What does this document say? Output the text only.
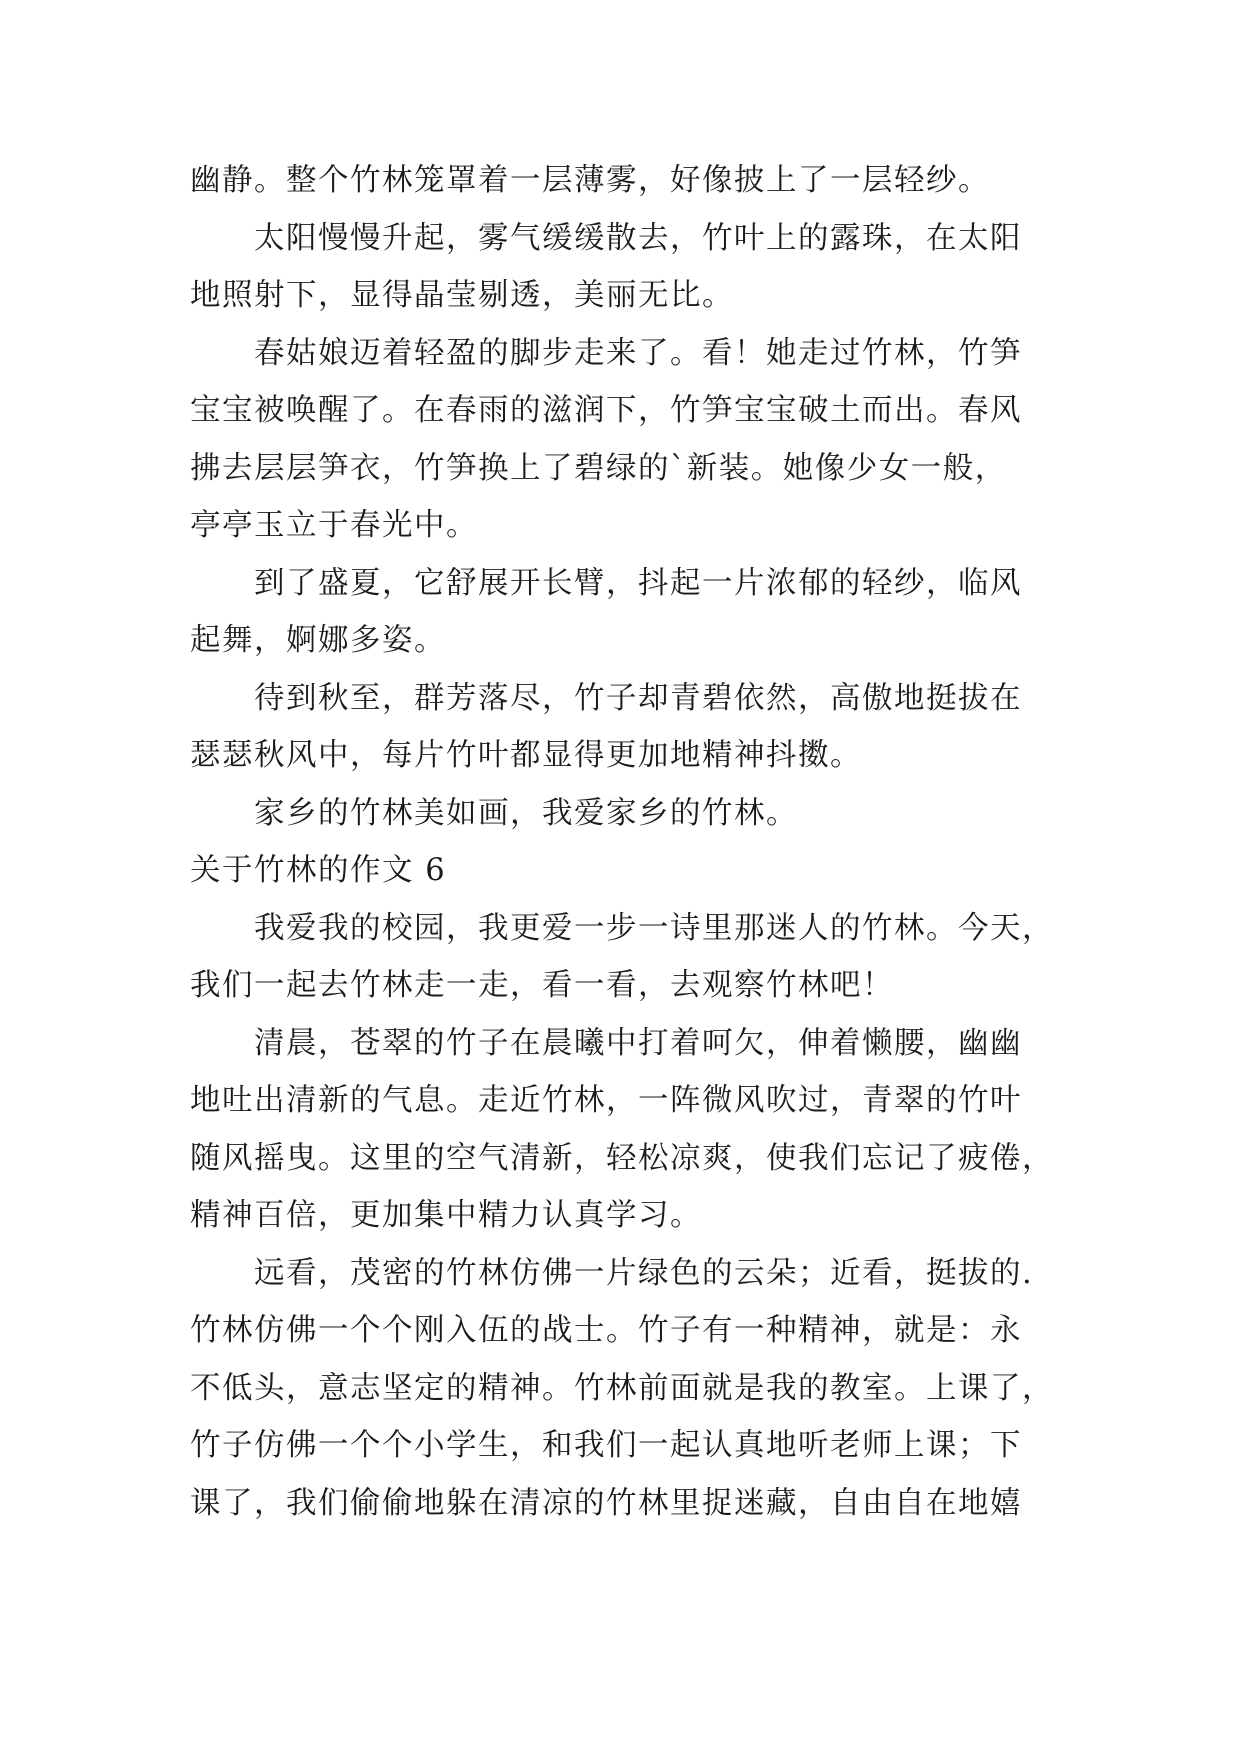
幽静。整个竹林笼罩着一层薄雾，好像披上了一层轻纱。
太阳慢慢升起，雾气缓缓散去，竹叶上的露珠，在太阳
地照射下，显得晶莹剔透，美丽无比。
春姑娘迈着轻盈的脚步走来了。看！她走过竹林，竹笋
宝宝被唤醒了。在春雨的滋润下，竹笋宝宝破土而出。春风
拂去层层笋衣，竹笋换上了碧绿的`新装。她像少女一般，
亭亭玉立于春光中。
到了盛夏，它舒展开长臂，抖起一片浓郁的轻纱，临风
起舞，婀娜多姿。
待到秋至，群芳落尽，竹子却青碧依然，高傲地挺拔在
瑟瑟秋风中，每片竹叶都显得更加地精神抖擞。
家乡的竹林美如画，我爱家乡的竹林。
关于竹林的作文 6
我爱我的校园，我更爱一步一诗里那迷人的竹林。今天，
我们一起去竹林走一走，看一看，去观察竹林吧！
清晨，苍翠的竹子在晨曦中打着呵欠，伸着懒腰，幽幽
地吐出清新的气息。走近竹林，一阵微风吹过，青翠的竹叶
随风摇曳。这里的空气清新，轻松凉爽，使我们忘记了疲倦，
精神百倍，更加集中精力认真学习。
远看，茂密的竹林仿佛一片绿色的云朵；近看，挺拔的.
竹林仿佛一个个刚入伍的战士。竹子有一种精神，就是：永
不低头，意志坚定的精神。竹林前面就是我的教室。上课了，
竹子仿佛一个个小学生，和我们一起认真地听老师上课；下
课了，我们偷偷地躲在清凉的竹林里捉迷藏，自由自在地嬉
